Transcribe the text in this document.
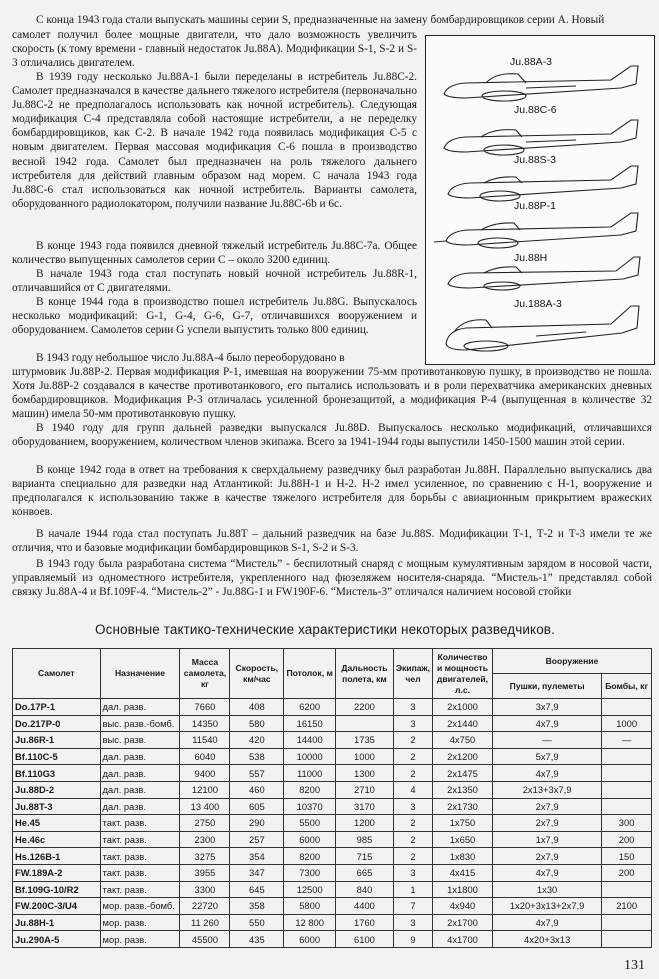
С конца 1943 года стали выпускать машины серии S, предназначенные на замену бомбардировщиков серии А. Новый
самолет получил более мощные двигатели, что дало возможность увеличить скорость (к тому времени - главный недостаток Ju.88A). Модификации S-1, S-2 и S-3 отличались двигателем.
В 1939 году несколько Ju.88А-1 были переделаны в истребитель Ju.88С-2. Самолет предназначался в качестве дальнего тяжелого истребителя (первоначально Ju.88С-2 не предполагалось использовать как ночной истребитель). Следующая модификация С-4 представляла собой настоящие истребители, а не переделку бомбардировщиков, как С-2. В начале 1942 года появилась модификация С-5 с новым двигателем. Первая массовая модификация С-6 пошла в производство весной 1942 года. Самолет был предназначен на роль тяжелого дальнего истребителя для действий главным образом над морем. С начала 1943 года Ju.88С-6 стал использоваться как ночной истребитель. Варианты самолета, оборудованного радиолокатором, получили название Ju.88С-6b и 6с.
В конце 1943 года появился дневной тяжелый истребитель Ju.88С-7а. Общее количество выпущенных самолетов серии С – около 3200 единиц.
В начале 1943 года стал поступать новый ночной истребитель Ju.88R-1, отличавшийся от С двигателями.
В конце 1944 года в производство пошел истребитель Ju.88G. Выпускалось несколько модификаций: G-1, G-4, G-6, G-7, отличавшихся вооружением и оборудованием. Самолетов серии G успели выпустить только 800 единиц.
В 1943 году небольшое число Ju.88А-4 было переоборудовано в
штурмовик Ju.88P-2. Первая модификация Р-1, имевшая на вооружении 75-мм противотанковую пушку, в производство не пошла. Хотя Ju.88P-2 создавался в качестве противотанкового, его пытались использовать и в роли перехватчика американских дневных бомбардировщиков. Модификация Р-3 отличалась усиленной бронезащитой, а модификация Р-4 (выпущенная в количестве 32 машин) имела 50-мм противотанковую пушку.
В 1940 году для групп дальней разведки выпускался Ju.88D. Выпускалось несколько модификаций, отличавшихся оборудованием, вооружением, количеством членов экипажа. Всего за 1941-1944 годы выпустили 1450-1500 машин этой серии.
В конце 1942 года в ответ на требования к сверхдальнему разведчику был разработан Ju.88H. Параллельно выпускались два варианта специально для разведки над Атлантикой: Ju.88H-1 и Н-2. Н-2 имел усиленное, по сравнению с Н-1, вооружение и предполагался к использованию также в качестве тяжелого истребителя для борьбы с авиационным прикрытием вражеских конвоев.
В начале 1944 года стал поступать Ju.88T – дальний разведчик на базе Ju.88S. Модификации Т-1, Т-2 и Т-3 имели те же отличия, что и базовые модификации бомбардировщиков S-1, S-2 и S-3.
В 1943 году была разработана система “Мистель” - беспилотный снаряд с мощным кумулятивным зарядом в носовой части, управляемый из одноместного истребителя, укрепленного над фюзеляжем носителя-снаряда. “Мистель-1” представлял собой связку Ju.88А-4 и Bf.109F-4. “Мистель-2” - Ju.88G-1 и FW190F-6. “Мистель-3” отличался наличием носовой стойки
Ju.88A-3
Ju.88C-6
Ju.88S-3
Ju.88P-1
Ju.88H
Ju.188A-3
Основные тактико-технические характеристики некоторых разведчиков.
Самолет	Назначение	Масса самолета, кг	Скорость, км/час	Потолок, м	Дальность полета, км	Экипаж, чел	Количество и мощность двигателей, л.с.	Вооружение	
								Пушки, пулеметы	Бомбы, кг
Do.17P-1	дал. разв.	7660	408	6200	2200	3	2x1000	3x7,9	
Do.217P-0	выс. разв.-бомб.	14350	580	16150		3	2x1440	4x7,9	1000
Ju.86R-1	выс. разв.	11540	420	14400	1735	2	4x750	—	—
Bf.110C-5	дал. разв.	6040	538	10000	1000	2	2x1200	5x7,9	
Bf.110G3	дал. разв.	9400	557	11000	1300	2	2x1475	4x7,9	
Ju.88D-2	дал. разв.	12100	460	8200	2710	4	2x1350	2x13+3x7,9	
Ju.88T-3	дал. разв.	13 400	605	10370	3170	3	2x1730	2x7,9	
He.45	такт. разв.	2750	290	5500	1200	2	1x750	2x7,9	300
He.46c	такт. разв.	2300	257	6000	985	2	1x650	1x7,9	200
Hs.126B-1	такт. разв.	3275	354	8200	715	2	1x830	2x7,9	150
FW.189A-2	такт. разв.	3955	347	7300	665	3	4x415	4x7,9	200
Bf.109G-10/R2	такт. разв.	3300	645	12500	840	1	1x1800	1x30	
FW.200C-3/U4	мор. разв.-бомб.	22720	358	5800	4400	7	4x940	1x20+3x13+2x7,9	2100
Ju.88H-1	мор. разв.	11 260	550	12 800	1760	3	2x1700	4x7,9	
Ju.290A-5	мор. разв.	45500	435	6000	6100	9	4x1700	4x20+3x13	
131
